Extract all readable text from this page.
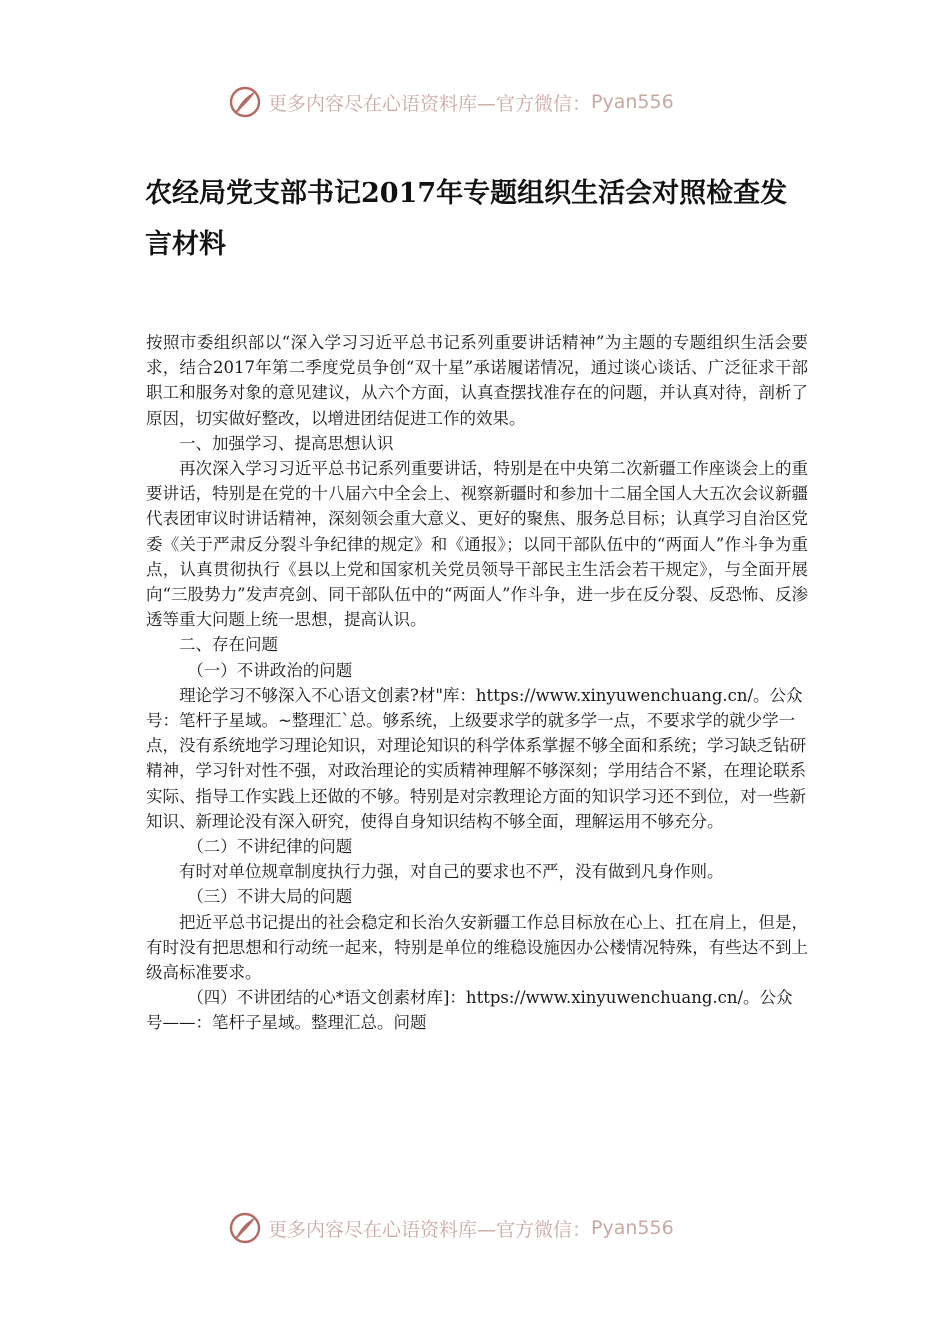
更多内容尽在心语资料库—官方微信： Pyan556
农经局党支部书记2017年专题组织生活会对照检查发言材料

按照市委组织部以“深入学习习近平总书记系列重要讲话精神”为主题的专题组织生活会要求，结合2017年第二季度党员争创“双十星”承诺履诺情况，通过谈心谈话、广泛征求干部职工和服务对象的意见建议，从六个方面，认真查摆找准存在的问题，并认真对待，剖析了原因，切实做好整改，以增进团结促进工作的效果。

一、加强学习、提高思想认识

再次深入学习习近平总书记系列重要讲话，特别是在中央第二次新疆工作座谈会上的重要讲话，特别是在党的十八届六中全会上、视察新疆时和参加十二届全国人大五次会议新疆代表团审议时讲话精神，深刻领会重大意义、更好的聚焦、服务总目标；认真学习自治区党委《关于严肃反分裂斗争纪律的规定》和《通报》；以同干部队伍中的“两面人”作斗争为重点，认真贯彻执行《县以上党和国家机关党员领导干部民主生活会若干规定》，与全面开展向“三股势力”发声亮剑、同干部队伍中的“两面人”作斗争，进一步在反分裂、反恐怖、反渗透等重大问题上统一思想，提高认识。

二、存在问题

（一）不讲政治的问题

理论学习不够深入不心语文创素?材"库：https://www.xinyuwenchuang.cn/。公众号：笔杆子星域。~整理汇`总。够系统，上级要求学的就多学一点，不要求学的就少学一点，没有系统地学习理论知识，对理论知识的科学体系掌握不够全面和系统；学习缺乏钻研精神，学习针对性不强，对政治理论的实质精神理解不够深刻；学用结合不紧，在理论联系实际、指导工作实践上还做的不够。特别是对宗教理论方面的知识学习还不到位，对一些新知识、新理论没有深入研究，使得自身知识结构不够全面，理解运用不够充分。

（二）不讲纪律的问题

有时对单位规章制度执行力强，对自己的要求也不严，没有做到凡身作则。

（三）不讲大局的问题

把近平总书记提出的社会稳定和长治久安新疆工作总目标放在心上、扛在肩上，但是，有时没有把思想和行动统一起来，特别是单位的维稳设施因办公楼情况特殊，有些达不到上级高标准要求。

（四）不讲团结的心*语文创素材库]：https://www.xinyuwenchuang.cn/。公众号——：笔杆子星域。整理汇总。问题

更多内容尽在心语资料库—官方微信： Pyan556
